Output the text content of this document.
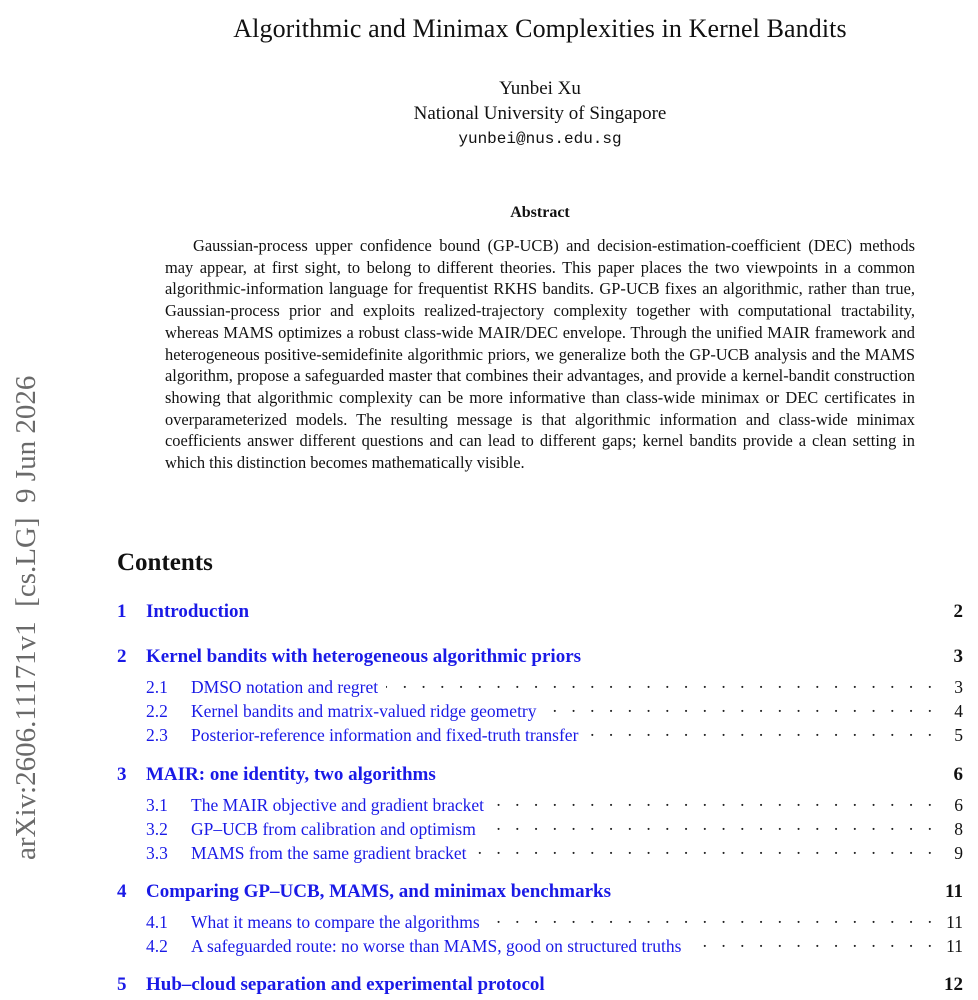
arXiv:2606.11171v1  [cs.LG]  9 Jun 2026
Algorithmic and Minimax Complexities in Kernel Bandits
Yunbei Xu
National University of Singapore
yunbei@nus.edu.sg
Abstract
Gaussian-process upper confidence bound (GP-UCB) and decision-estimation-coefficient (DEC) methods may appear, at first sight, to belong to different theories. This paper places the two viewpoints in a common algorithmic-information language for frequentist RKHS bandits. GP-UCB fixes an algorithmic, rather than true, Gaussian-process prior and exploits realized-trajectory complexity together with computational tractability, whereas MAMS optimizes a robust class-wide MAIR/DEC envelope. Through the unified MAIR framework and heterogeneous positive-semidefinite algorithmic priors, we generalize both the GP-UCB analysis and the MAMS algorithm, propose a safeguarded master that combines their advantages, and provide a kernel-bandit construction showing that algorithmic complexity can be more informative than class-wide minimax or DEC certificates in overparameterized models. The resulting message is that algorithmic information and class-wide minimax coefficients answer different questions and can lead to different gaps; kernel bandits provide a clean setting in which this distinction becomes mathematically visible.
Contents
1	Introduction	2
2	Kernel bandits with heterogeneous algorithmic priors	3
2.1	DMSO notation and regret . . .	3
2.2	Kernel bandits and matrix-valued ridge geometry . . .	4
2.3	Posterior-reference information and fixed-truth transfer . . .	5
3	MAIR: one identity, two algorithms	6
3.1	The MAIR objective and gradient bracket . . .	6
3.2	GP–UCB from calibration and optimism . . .	8
3.3	MAMS from the same gradient bracket . . .	9
4	Comparing GP–UCB, MAMS, and minimax benchmarks	11
4.1	What it means to compare the algorithms . . .	11
4.2	A safeguarded route: no worse than MAMS, good on structured truths . . .	11
5	Hub–cloud separation and experimental protocol	12
